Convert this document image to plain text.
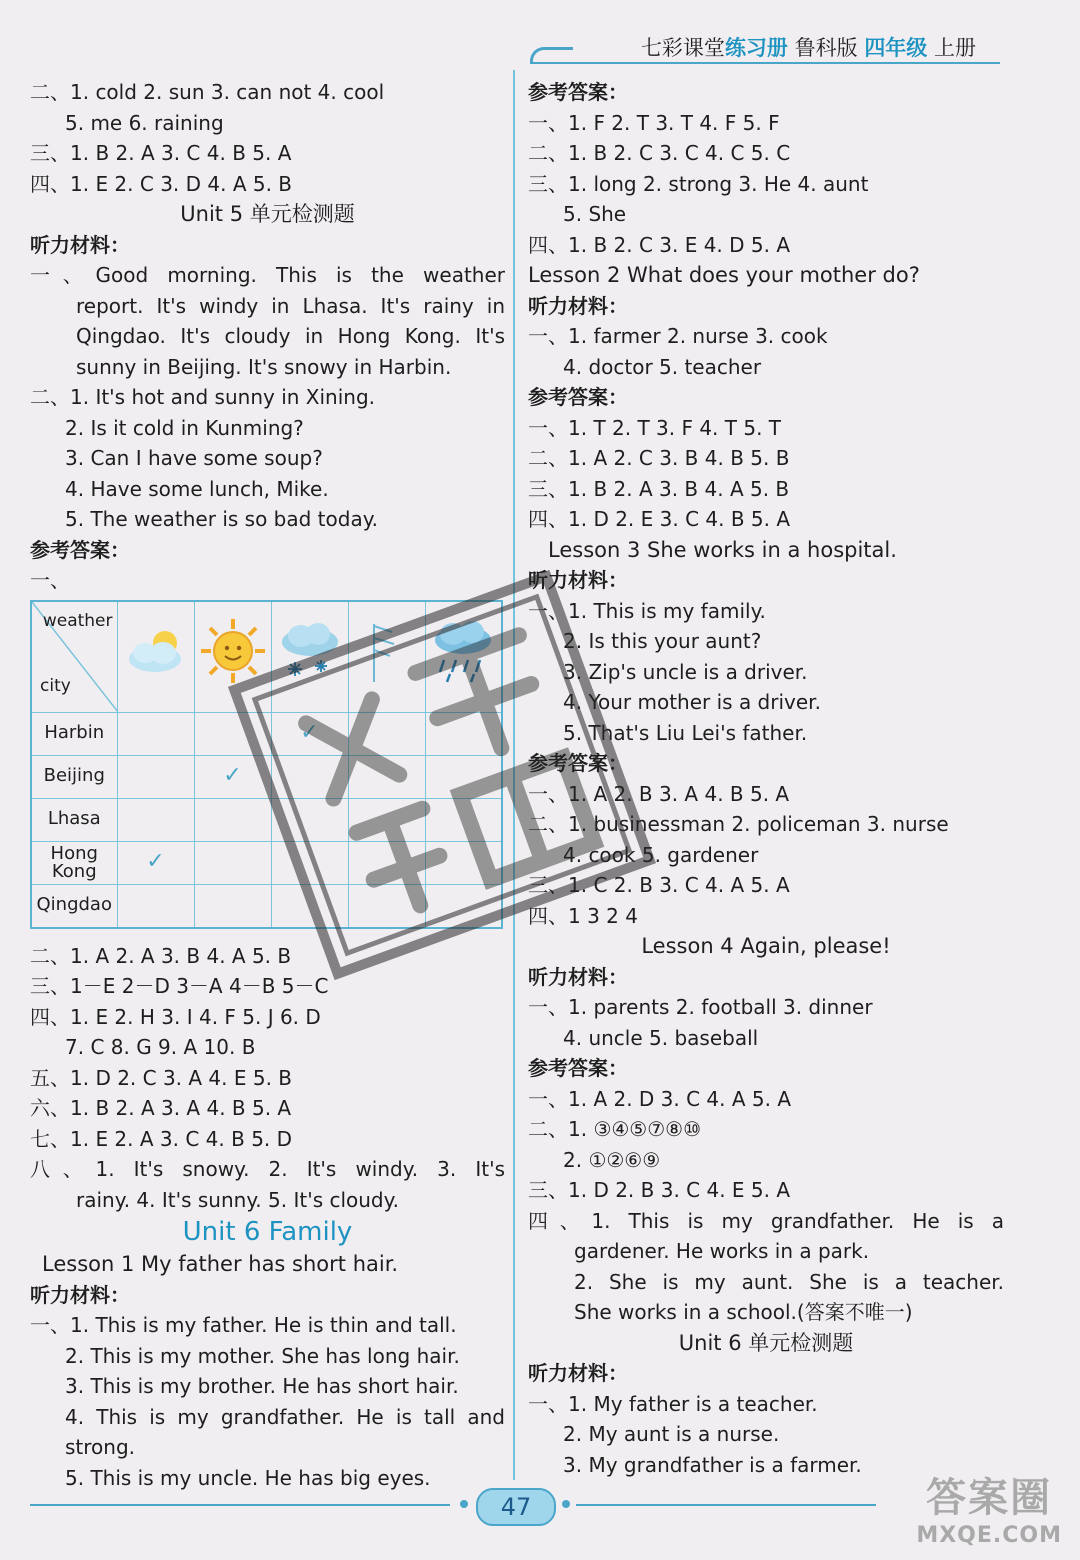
七彩课堂练习册 鲁科版 四年级 上册
二、1. cold 2. sun 3. can not 4. cool
5. me 6. raining
三、1. B 2. A 3. C 4. B 5. A
四、1. E 2. C 3. D 4. A 5. B
Unit 5 单元检测题
听力材料：
一、Good morning. This is the weather
report. It's windy in Lhasa. It's rainy in
Qingdao. It's cloudy in Hong Kong. It's
sunny in Beijing. It's snowy in Harbin.
二、1. It's hot and sunny in Xining.
2. Is it cold in Kunming?
3. Can I have some soup?
4. Have some lunch, Mike.
5. The weather is so bad today.
参考答案：
一、
weather
city

Harbin			✓		
Beijing		✓			
Lhasa					
Hong Kong	✓				
Qingdao					
二、1. A 2. A 3. B 4. A 5. B
三、1－E 2－D 3－A 4－B 5－C
四、1. E 2. H 3. I 4. F 5. J 6. D
7. C 8. G 9. A 10. B
五、1. D 2. C 3. A 4. E 5. B
六、1. B 2. A 3. A 4. B 5. A
七、1. E 2. A 3. C 4. B 5. D
八、1. It's snowy. 2. It's windy. 3. It's
rainy. 4. It's sunny. 5. It's cloudy.
Unit 6 Family
Lesson 1 My father has short hair.
听力材料：
一、1. This is my father. He is thin and tall.
2. This is my mother. She has long hair.
3. This is my brother. He has short hair.
4. This is my grandfather. He is tall and
strong.
5. This is my uncle. He has big eyes.
参考答案：
一、1. F 2. T 3. T 4. F 5. F
二、1. B 2. C 3. C 4. C 5. C
三、1. long 2. strong 3. He 4. aunt
5. She
四、1. B 2. C 3. E 4. D 5. A
Lesson 2 What does your mother do?
听力材料：
一、1. farmer 2. nurse 3. cook
4. doctor 5. teacher
参考答案：
一、1. T 2. T 3. F 4. T 5. T
二、1. A 2. C 3. B 4. B 5. B
三、1. B 2. A 3. B 4. A 5. B
四、1. D 2. E 3. C 4. B 5. A
Lesson 3 She works in a hospital.
听力材料：
一、1. This is my family.
2. Is this your aunt?
3. Zip's uncle is a driver.
4. Your mother is a driver.
5. That's Liu Lei's father.
参考答案：
一、1. A 2. B 3. A 4. B 5. A
二、1. businessman 2. policeman 3. nurse
4. cook 5. gardener
三、1. C 2. B 3. C 4. A 5. A
四、1 3 2 4
Lesson 4 Again, please!
听力材料：
一、1. parents 2. football 3. dinner
4. uncle 5. baseball
参考答案：
一、1. A 2. D 3. C 4. A 5. A
二、1. ③④⑤⑦⑧⑩
2. ①②⑥⑨
三、1. D 2. B 3. C 4. E 5. A
四、1. This is my grandfather. He is a
gardener. He works in a park.
2. She is my aunt. She is a teacher.
She works in a school.(答案不唯一)
Unit 6 单元检测题
听力材料：
一、1. My father is a teacher.
2. My aunt is a nurse.
3. My grandfather is a farmer.
47	答案圈
MXQE.COM
